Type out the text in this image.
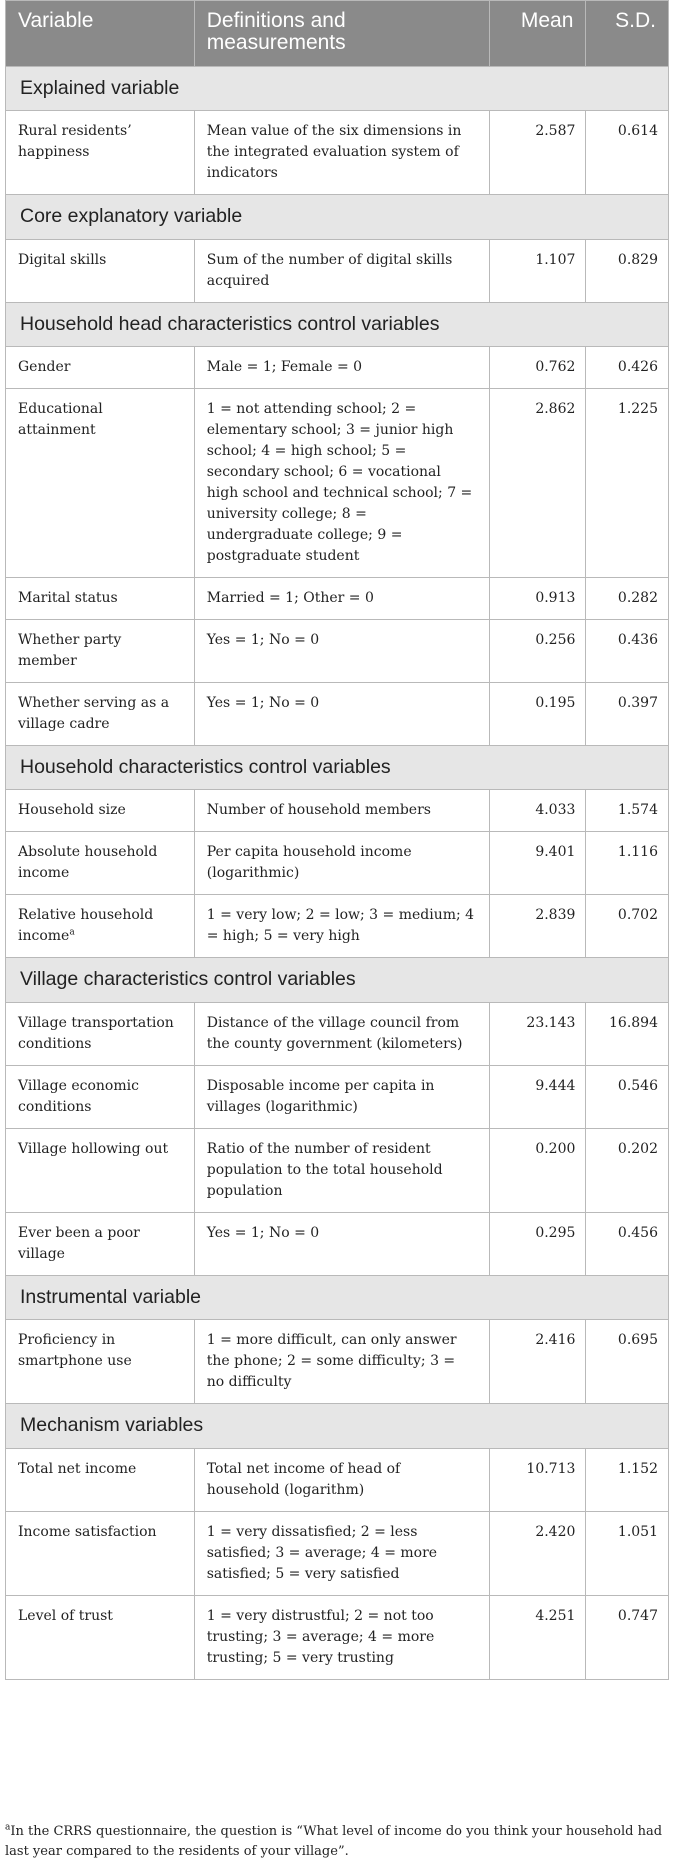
Variable	Definitions and measurements	Mean	S.D.
Explained variable			
Rural residents’ happiness	Mean value of the six dimensions in the integrated evaluation system of indicators	2.587	0.614
Core explanatory variable			
Digital skills	Sum of the number of digital skills acquired	1.107	0.829
Household head characteristics control variables			
Gender	Male = 1; Female = 0	0.762	0.426
Educational attainment	1 = not attending school; 2 = elementary school; 3 = junior high school; 4 = high school; 5 = secondary school; 6 = vocational high school and technical school; 7 = university college; 8 = undergraduate college; 9 = postgraduate student	2.862	1.225
Marital status	Married = 1; Other = 0	0.913	0.282
Whether party member	Yes = 1; No = 0	0.256	0.436
Whether serving as a village cadre	Yes = 1; No = 0	0.195	0.397
Household characteristics control variables			
Household size	Number of household members	4.033	1.574
Absolute household income	Per capita household income (logarithmic)	9.401	1.116
Relative household income$^a$	1 = very low; 2 = low; 3 = medium; 4 = high; 5 = very high	2.839	0.702
Village characteristics control variables			
Village transportation conditions	Distance of the village council from the county government (kilometers)	23.143	16.894
Village economic conditions	Disposable income per capita in villages (logarithmic)	9.444	0.546
Village hollowing out	Ratio of the number of resident population to the total household population	0.200	0.202
Ever been a poor village	Yes = 1; No = 0	0.295	0.456
Instrumental variable			
Proficiency in smartphone use	1 = more difficult, can only answer the phone; 2 = some difficulty; 3 = no difficulty	2.416	0.695
Mechanism variables			
Total net income	Total net income of head of household (logarithm)	10.713	1.152
Income satisfaction	1 = very dissatisfied; 2 = less satisfied; 3 = average; 4 = more satisfied; 5 = very satisfied	2.420	1.051
Level of trust	1 = very distrustful; 2 = not too trusting; 3 = average; 4 = more trusting; 5 = very trusting	4.251	0.747
$^a$In the CRRS questionnaire, the question is “What level of income do you think your household had last year compared to the residents of your village”.
